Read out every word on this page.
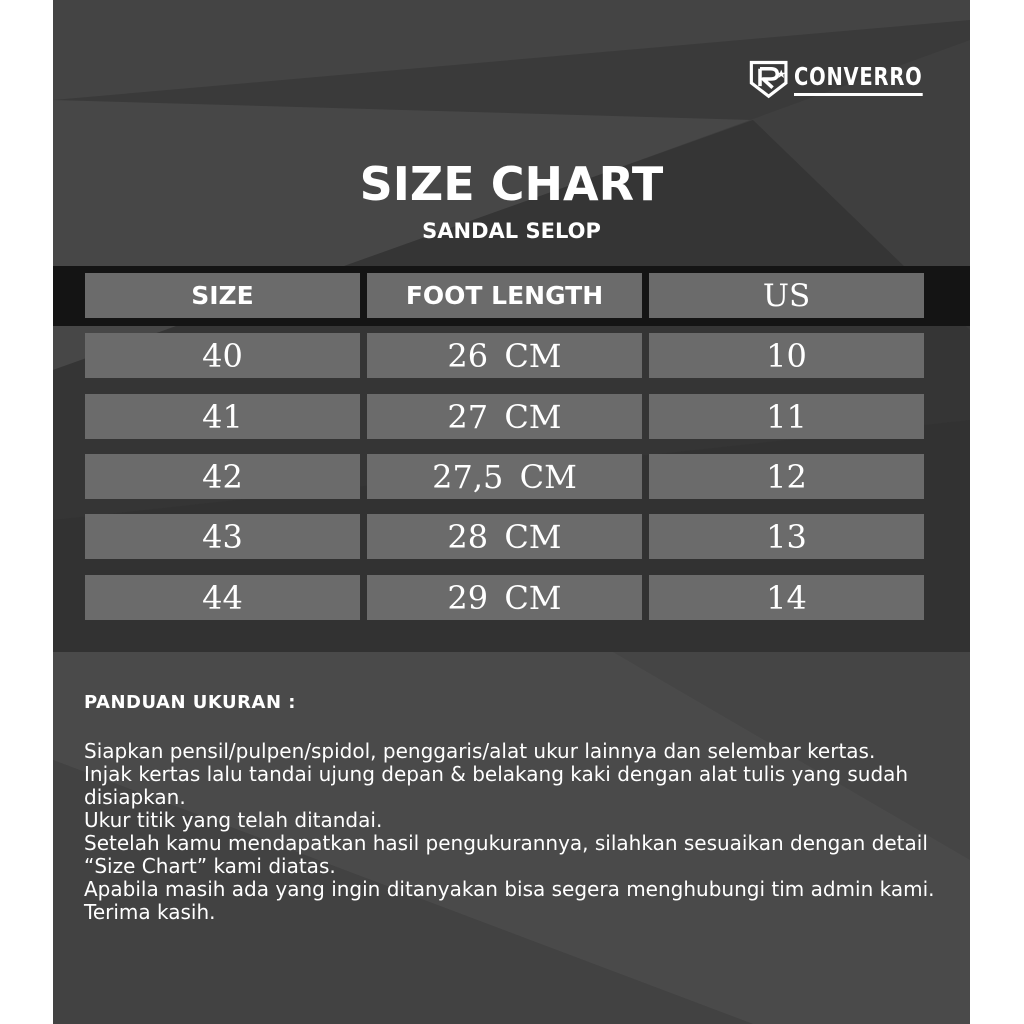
CONVERRO
SIZE CHART
SANDAL SELOP
SIZE	FOOT LENGTH	US
40	26 CM	10
41	27 CM	11
42	27,5 CM	12
43	28 CM	13
44	29 CM	14
PANDUAN UKURAN :
Siapkan pensil/pulpen/spidol, penggaris/alat ukur lainnya dan selembar kertas.
Injak kertas lalu tandai ujung depan & belakang kaki dengan alat tulis yang sudah disiapkan.
Ukur titik yang telah ditandai.
Setelah kamu mendapatkan hasil pengukurannya, silahkan sesuaikan dengan detail “Size Chart” kami diatas.
Apabila masih ada yang ingin ditanyakan bisa segera menghubungi tim admin kami.
Terima kasih.
